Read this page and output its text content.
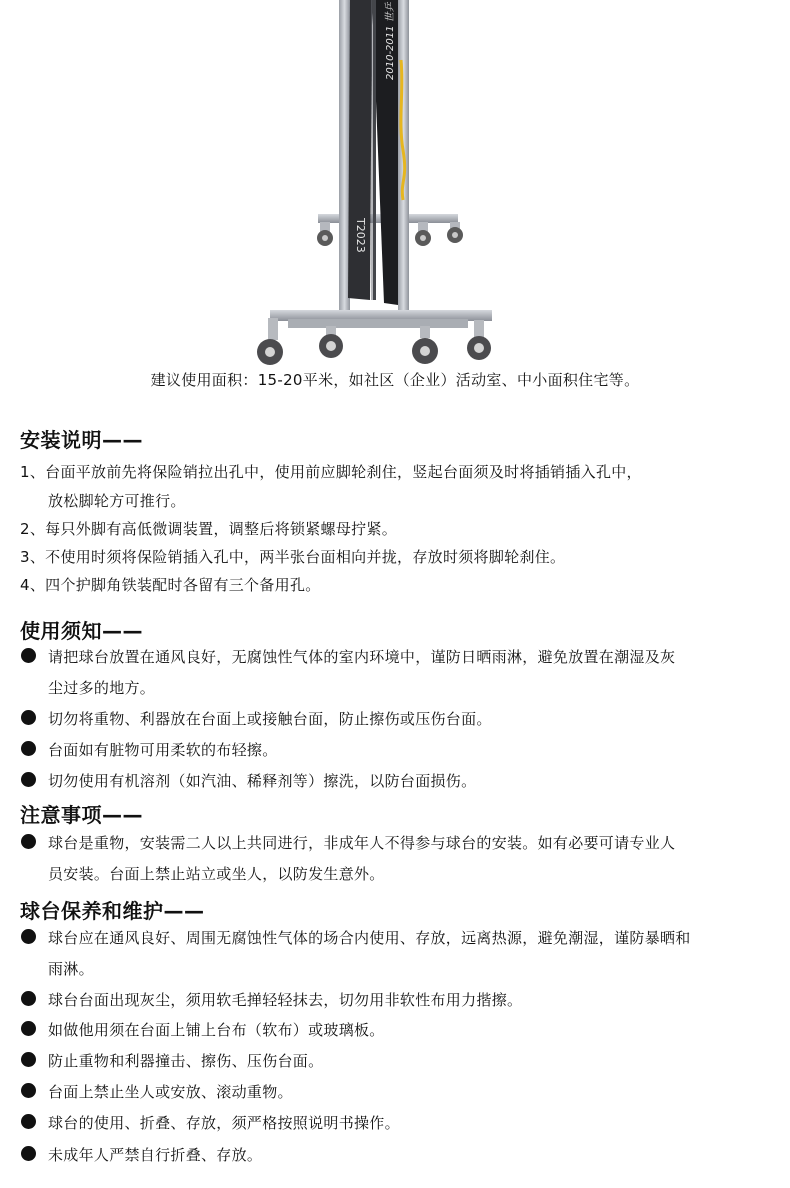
2010-2011 世乒
T2023
建议使用面积：15-20平米，如社区（企业）活动室、中小面积住宅等。
安装说明——
1、台面平放前先将保险销拉出孔中，使用前应脚轮刹住，竖起台面须及时将插销插入孔中，
放松脚轮方可推行。
2、每只外脚有高低微调装置，调整后将锁紧螺母拧紧。
3、不使用时须将保险销插入孔中，两半张台面相向并拢，存放时须将脚轮刹住。
4、四个护脚角铁装配时各留有三个备用孔。
使用须知——
请把球台放置在通风良好，无腐蚀性气体的室内环境中，谨防日晒雨淋，避免放置在潮湿及灰
尘过多的地方。
切勿将重物、利器放在台面上或接触台面，防止擦伤或压伤台面。
台面如有脏物可用柔软的布轻擦。
切勿使用有机溶剂（如汽油、稀释剂等）擦洗，以防台面损伤。
注意事项——
球台是重物，安装需二人以上共同进行，非成年人不得参与球台的安装。如有必要可请专业人
员安装。台面上禁止站立或坐人，以防发生意外。
球台保养和维护——
球台应在通风良好、周围无腐蚀性气体的场合内使用、存放，远离热源，避免潮湿，谨防暴晒和
雨淋。
球台台面出现灰尘，须用软毛掸轻轻抹去，切勿用非软性布用力揩擦。
如做他用须在台面上铺上台布（软布）或玻璃板。
防止重物和利器撞击、擦伤、压伤台面。
台面上禁止坐人或安放、滚动重物。
球台的使用、折叠、存放，须严格按照说明书操作。
未成年人严禁自行折叠、存放。
